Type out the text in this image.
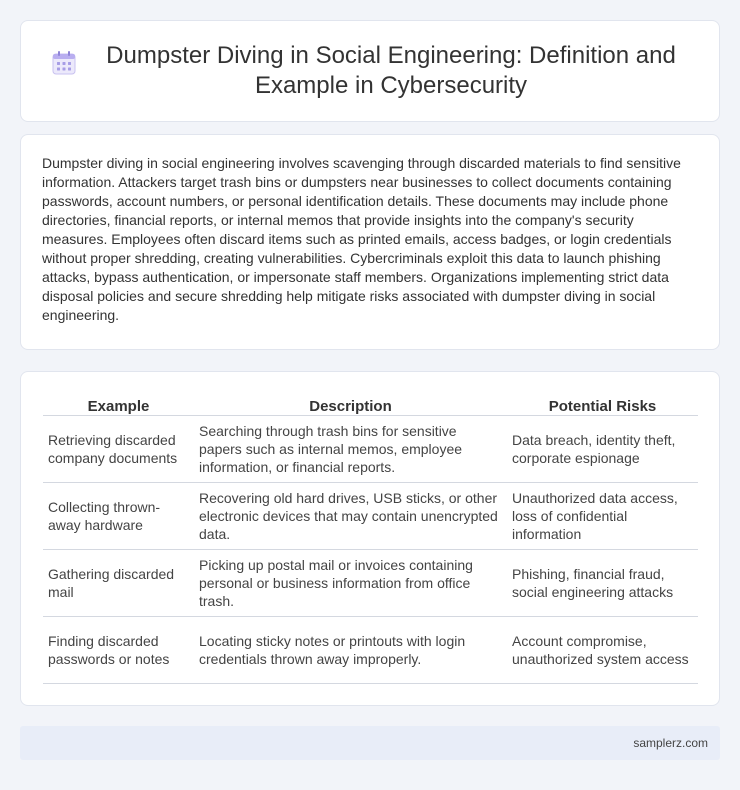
Dumpster Diving in Social Engineering: Definition and Example in Cybersecurity

Dumpster diving in social engineering involves scavenging through discarded materials to find sensitive information. Attackers target trash bins or dumpsters near businesses to collect documents containing passwords, account numbers, or personal identification details. These documents may include phone directories, financial reports, or internal memos that provide insights into the company's security measures. Employees often discard items such as printed emails, access badges, or login credentials without proper shredding, creating vulnerabilities. Cybercriminals exploit this data to launch phishing attacks, bypass authentication, or impersonate staff members. Organizations implementing strict data disposal policies and secure shredding help mitigate risks associated with dumpster diving in social engineering.

Example	Description	Potential Risks
Retrieving discarded company documents	Searching through trash bins for sensitive papers such as internal memos, employee information, or financial reports.	Data breach, identity theft, corporate espionage
Collecting thrown-away hardware	Recovering old hard drives, USB sticks, or other electronic devices that may contain unencrypted data.	Unauthorized data access, loss of confidential information
Gathering discarded mail	Picking up postal mail or invoices containing personal or business information from office trash.	Phishing, financial fraud, social engineering attacks
Finding discarded passwords or notes	Locating sticky notes or printouts with login credentials thrown away improperly.	Account compromise, unauthorized system access
samplerz.com
